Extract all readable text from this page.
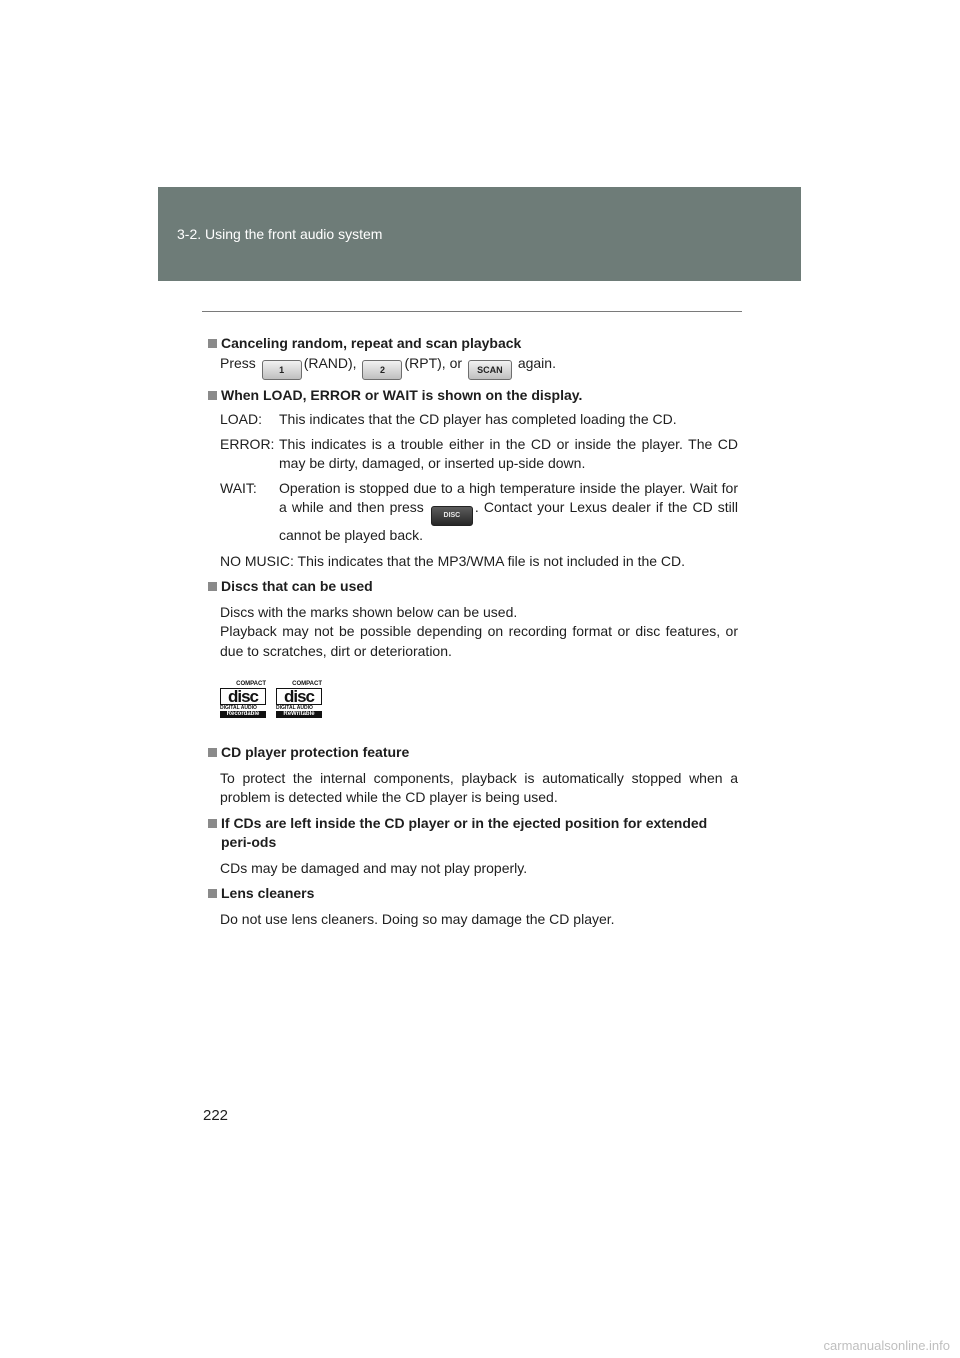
3-2. Using the front audio system
Canceling random, repeat and scan playback
Press	1 (RAND),	2 (RPT), or SCAN again.
When LOAD, ERROR or WAIT is shown on the display.
LOAD:	This indicates that the CD player has completed loading the CD.
ERROR: This indicates is a trouble either in the CD or inside the player. The CD may be dirty, damaged, or inserted up-side down.
WAIT:	Operation is stopped due to a high temperature inside the player. Wait for a while and then press DISC. Contact your Lexus dealer if the CD still cannot be played back.
NO MUSIC: This indicates that the MP3/WMA file is not included in the CD.
Discs that can be used
Discs with the marks shown below can be used.
Playback may not be possible depending on recording format or disc features, or due to scratches, dirt or deterioration.
COMPACT
disc
DIGITAL AUDIO
Recordable
COMPACT
disc
DIGITAL AUDIO
ReWritable
CD player protection feature
To protect the internal components, playback is automatically stopped when a problem is detected while the CD player is being used.
If CDs are left inside the CD player or in the ejected position for extended peri-ods
CDs may be damaged and may not play properly.
Lens cleaners
Do not use lens cleaners. Doing so may damage the CD player.
222
carmanualsonline.info
